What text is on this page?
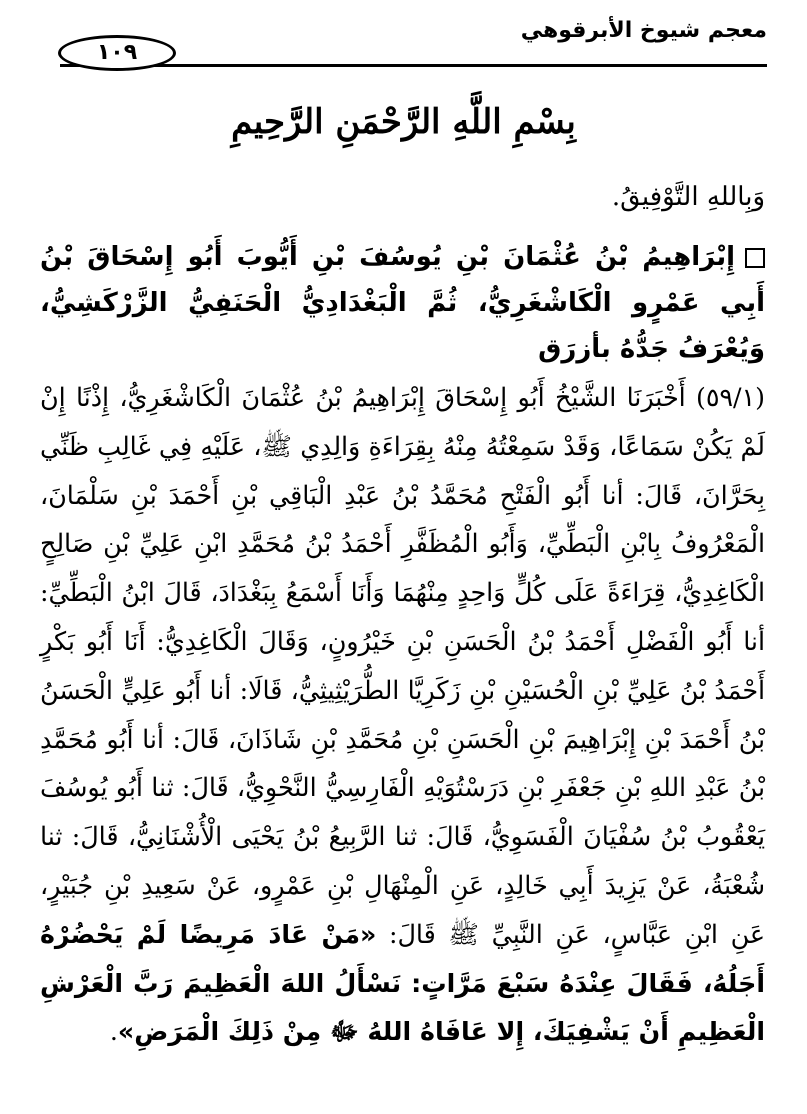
معجم شيوخ الأبرقوهي
١٠٩
بِسْمِ اللَّهِ الرَّحْمَنِ الرَّحِيمِ

وَبِاللهِ التَّوْفِيقُ.

إِبْرَاهِيمُ بْنُ عُثْمَانَ بْنِ يُوسُفَ بْنِ أَيُّوبَ أَبُو إِسْحَاقَ بْنُ أَبِي عَمْرٍو الْكَاشْغَرِيُّ، ثُمَّ الْبَغْدَادِيُّ الْحَنَفِيُّ الزَّرْكَشِيُّ، وَيُعْرَفُ جَدُّهُ بأزرَق

(٥٩/١) أَخْبَرَنَا الشَّيْخُ أَبُو إِسْحَاقَ إِبْرَاهِيمُ بْنُ عُثْمَانَ الْكَاشْغَرِيُّ، إِذْنًا إِنْ لَمْ يَكُنْ سَمَاعًا، وَقَدْ سَمِعْتُهُ مِنْهُ بِقِرَاءَةِ وَالِدِي ﷺ، عَلَيْهِ فِي غَالِبِ ظَنِّي بِحَرَّانَ، قَالَ: أنا أَبُو الْفَتْحِ مُحَمَّدُ بْنُ عَبْدِ الْبَاقِي بْنِ أَحْمَدَ بْنِ سَلْمَانَ، الْمَعْرُوفُ بِابْنِ الْبَطِّيِّ، وَأَبُو الْمُظَفَّرِ أَحْمَدُ بْنُ مُحَمَّدِ ابْنِ عَلِيِّ بْنِ صَالِحٍ الْكَاغِدِيُّ، قِرَاءَةً عَلَى كُلٍّ وَاحِدٍ مِنْهُمَا وَأَنَا أَسْمَعُ بِبَغْدَادَ، قَالَ ابْنُ الْبَطِّيِّ: أنا أَبُو الْفَضْلِ أَحْمَدُ بْنُ الْحَسَنِ بْنِ خَيْرُونٍ، وَقَالَ الْكَاغِدِيُّ: أَنَا أَبُو بَكْرٍ أَحْمَدُ بْنُ عَلِيِّ بْنِ الْحُسَيْنِ بْنِ زَكَرِيَّا الطُّرَيْثِيثِيُّ، قَالَا: أنا أَبُو عَلِيٍّ الْحَسَنُ بْنُ أَحْمَدَ بْنِ إِبْرَاهِيمَ بْنِ الْحَسَنِ بْنِ مُحَمَّدِ بْنِ شَاذَانَ، قَالَ: أنا أَبُو مُحَمَّدِ بْنُ عَبْدِ اللهِ بْنِ جَعْفَرِ بْنِ دَرَسْتُوَيْهِ الْفَارِسِيُّ النَّحْوِيُّ، قَالَ: ثنا أَبُو يُوسُفَ يَعْقُوبُ بْنُ سُفْيَانَ الْفَسَوِيُّ، قَالَ: ثنا الرَّبِيعُ بْنُ يَحْيَى الْأُشْنَانِيُّ، قَالَ: ثنا شُعْبَةُ، عَنْ يَزِيدَ أَبِي خَالِدٍ، عَنِ الْمِنْهَالِ بْنِ عَمْرٍو، عَنْ سَعِيدِ بْنِ جُبَيْرٍ، عَنِ ابْنِ عَبَّاسٍ، عَنِ النَّبِيِّ ﷺ قَالَ: «مَنْ عَادَ مَرِيضًا لَمْ يَحْضُرْهُ أَجَلُهُ، فَقَالَ عِنْدَهُ سَبْعَ مَرَّاتٍ: نَسْأَلُ اللهَ الْعَظِيمَ رَبَّ الْعَرْشِ الْعَظِيمِ أَنْ يَشْفِيَكَ، إِلا عَافَاهُ اللهُ ﷻ مِنْ ذَلِكَ الْمَرَضِ».
